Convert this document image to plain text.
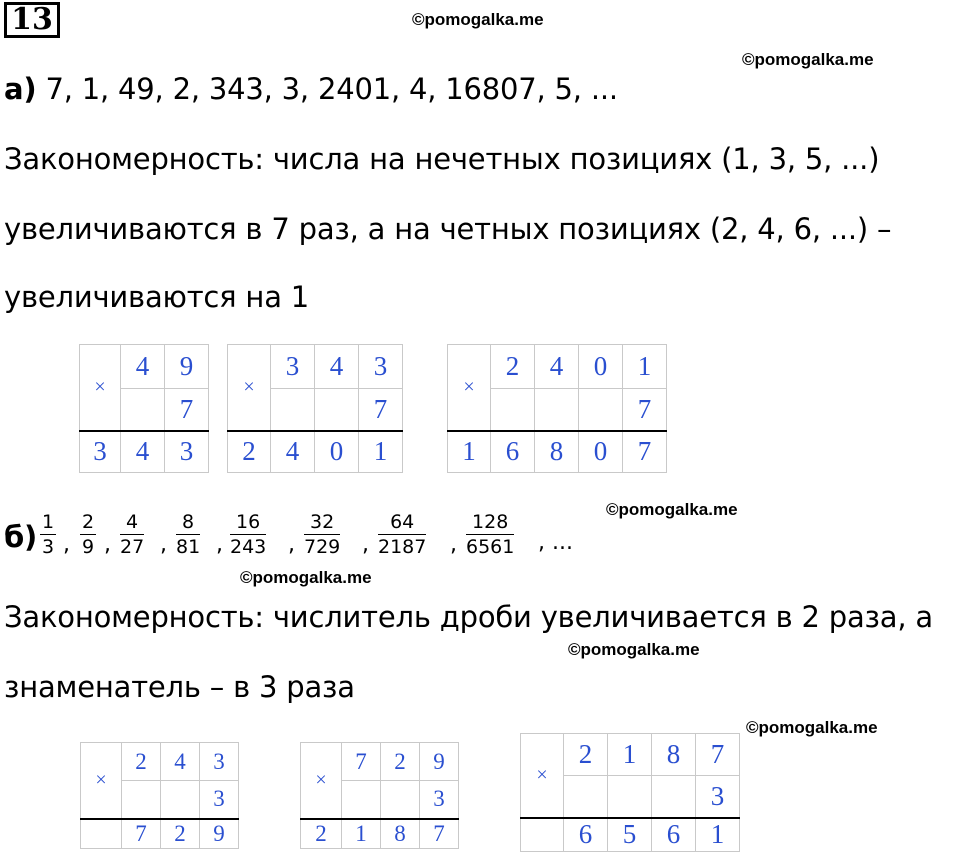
13	©pomogalka.me
©pomogalka.me
а) 7, 1, 49, 2, 343, 3, 2401, 4, 16807, 5, ...
Закономерность: числа на нечетных позициях (1, 3, 5, ...)
увеличиваются в 7 раз, а на четных позициях (2, 4, 6, ...) –
увеличиваются на 1
×	4	9
		7
3	4	3
×	3	4	3
			7
2	4	0	1
×	2	4	0	1
				7
1	6	8	0	7
©pomogalka.me
$б) \frac{1}{3}$ , $\frac{2}{9}$ , $\frac{4}{27}$ , $\frac{8}{81}$ , $\frac{16}{243}$ , $\frac{32}{729}$ , $\frac{64}{2187}$ , $\frac{128}{6561}$ , ...
©pomogalka.me
Закономерность: числитель дроби увеличивается в 2 раза, а
©pomogalka.me
знаменатель – в 3 раза
©pomogalka.me
×	2	4	3
			3
	7	2	9
×	7	2	9
			3
2	1	8	7
×	2	1	8	7
				3
	6	5	6	1
